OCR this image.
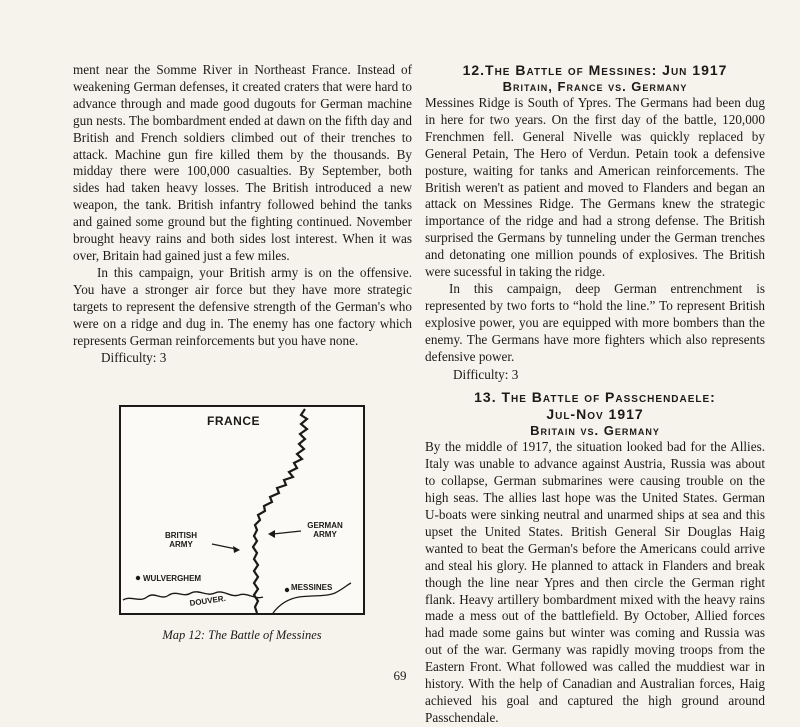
ment near the Somme River in Northeast France. Instead of weakening German defenses, it created craters that were hard to advance through and made good dugouts for German machine gun nests. The bombardment ended at dawn on the fifth day and British and French soldiers climbed out of their trenches to attack. Machine gun fire killed them by the thousands. By midday there were 100,000 casualties. By September, both sides had taken heavy losses. The British introduced a new weapon, the tank. British infantry followed behind the tanks and gained some ground but the fighting continued. November brought heavy rains and both sides lost interest. When it was over, Britain had gained just a few miles.

In this campaign, your British army is on the offensive. You have a stronger air force but they have more strategic targets to represent the defensive strength of the German's who were on a ridge and dug in. The enemy has one factory which represents German reinforcements but you have none.

Difficulty: 3

FRANCE
BRITISH ARMY
GERMAN ARMY
WULVERGHEM
MESSINES
DOUVER.
Map 12: The Battle of Messines
12.The Battle of Messines: Jun 1917
Britain, France vs. Germany

Messines Ridge is South of Ypres. The Germans had been dug in here for two years. On the first day of the battle, 120,000 Frenchmen fell. General Nivelle was quickly replaced by General Petain, The Hero of Verdun. Petain took a defensive posture, waiting for tanks and American reinforcements. The British weren't as patient and moved to Flanders and began an attack on Messines Ridge. The Germans knew the strategic importance of the ridge and had a strong defense. The British surprised the Germans by tunneling under the German trenches and detonating one million pounds of explosives. The British were sucessful in taking the ridge.

In this campaign, deep German entrenchment is represented by two forts to “hold the line.” To represent British explosive power, you are equipped with more bombers than the enemy. The Germans have more fighters which also represents defensive power.

Difficulty: 3

13. The Battle of Passchendaele:
Jul-Nov 1917
Britain vs. Germany

By the middle of 1917, the situation looked bad for the Allies. Italy was unable to advance against Austria, Russia was about to collapse, German submarines were causing trouble on the high seas. The allies last hope was the United States. German U-boats were sinking neutral and unarmed ships at sea and this upset the United States. British General Sir Douglas Haig wanted to beat the German's before the Americans could arrive and steal his glory. He planned to attack in Flanders and break though the line near Ypres and then circle the German right flank. Heavy artillery bombardment mixed with the heavy rains made a mess out of the battlefield. By October, Allied forces had made some gains but winter was coming and Russia was out of the war. Germany was rapidly moving troops from the Eastern Front. What followed was called the muddiest war in history. With the help of Canadian and Australian forces, Haig achieved his goal and captured the high ground around Passchendale.

69
